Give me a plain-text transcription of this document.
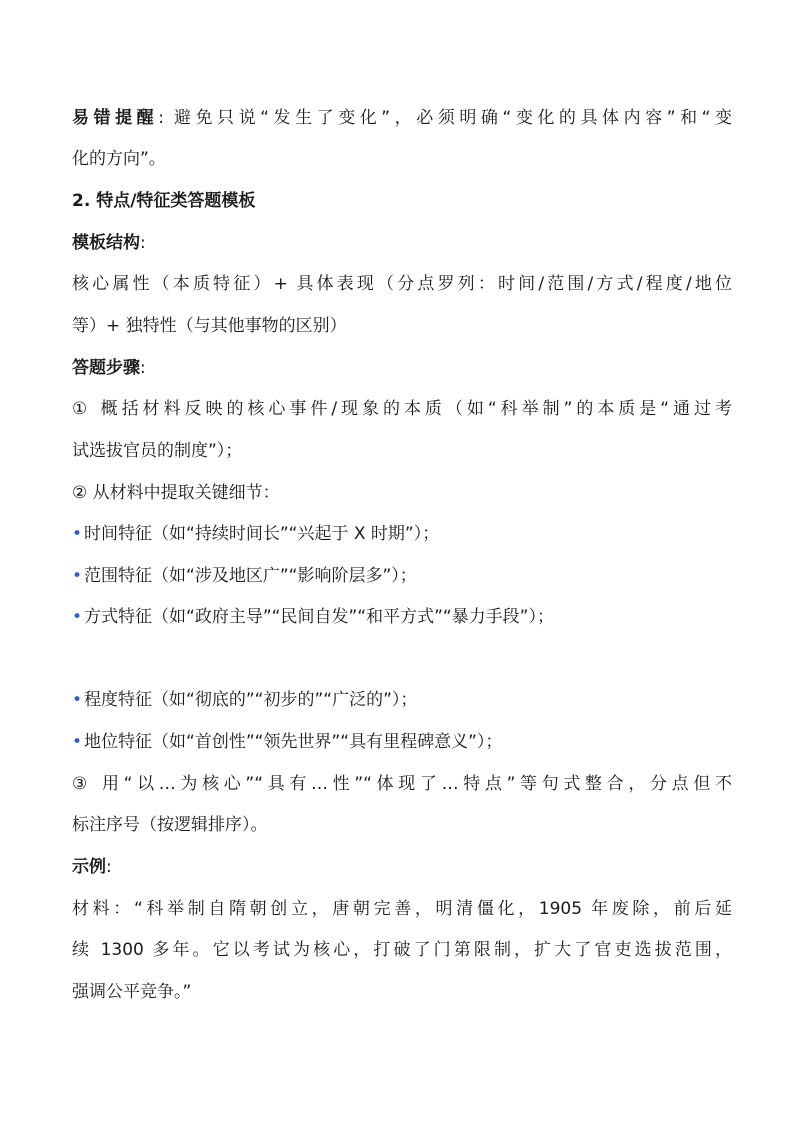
易错提醒: 避免只说“发生了变化”，必须明确“变化的具体内容”和“变
化的方向”。
2. 特点/特征类答题模板
模板结构:
核心属性（本质特征）+ 具体表现（分点罗列：时间/范围/方式/程度/地位
等）+ 独特性（与其他事物的区别）
答题步骤:
① 概括材料反映的核心事件/现象的本质（如“科举制”的本质是“通过考
试选拔官员的制度”）；
② 从材料中提取关键细节：
• 时间特征（如“持续时间长”“兴起于 X 时期”）；
• 范围特征（如“涉及地区广”“影响阶层多”）；
• 方式特征（如“政府主导”“民间自发”“和平方式”“暴力手段”）；
• 程度特征（如“彻底的”“初步的”“广泛的”）；
• 地位特征（如“首创性”“领先世界”“具有里程碑意义”）；
③ 用“以…为核心”“具有…性”“体现了…特点”等句式整合，分点但不
标注序号（按逻辑排序）。
示例:
材料：“科举制自隋朝创立，唐朝完善，明清僵化，1905 年废除，前后延
续 1300 多年。它以考试为核心，打破了门第限制，扩大了官吏选拔范围，
强调公平竞争。”
